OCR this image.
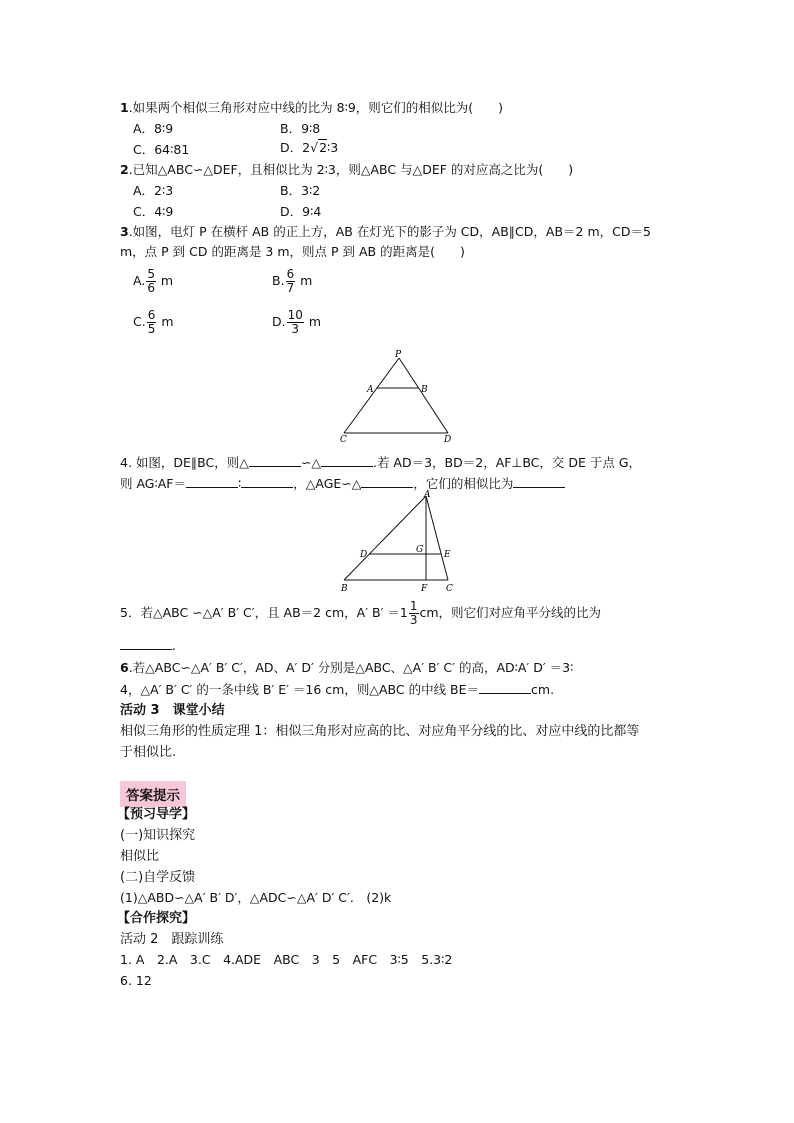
1.如果两个相似三角形对应中线的比为 8∶9，则它们的相似比为(　　)
A．8∶9	B．9∶8
C．64∶81	D．2√2∶3
2.已知△ABC∽△DEF，且相似比为 2∶3，则△ABC 与△DEF 的对应高之比为(　　)
A．2∶3	B．3∶2
C．4∶9	D．9∶4
3.如图，电灯 P 在横杆 AB 的正上方，AB 在灯光下的影子为 CD，AB∥CD，AB＝2 m，CD＝5
m，点 P 到 CD 的距离是 3 m，则点 P 到 AB 的距离是(　　)
A. $\frac{5}{6}$ m	B. $\frac{6}{7}$ m
C. $\frac{6}{5}$ m	D. $\frac{10}{3}$ m
P
A	B
C	D
4. 如图，DE∥BC，则△	∽△	.若 AD＝3，BD＝2，AF⊥BC，交 DE 于点 G，
则 AG∶AF＝	∶	，△AGE∽△	，它们的相似比为
A
D	G E
B	F C
5．若△ABC ∽△A′ B′ C′，且 AB＝2 cm，A′ $B' =1 \frac{1}{3}$ cm，则它们对应角平分线的比为
.
6.若△ABC∽△A′ B′ C′，AD、A′ D′ 分别是△ABC、△A′ B′ C′ 的高，AD∶A′ D′ ＝3∶
4，△A′ B′ C′ 的一条中线 B′ E′ ＝16 cm，则△ABC 的中线 BE＝	cm.
活动 3　课堂小结
相似三角形的性质定理 1：相似三角形对应高的比、对应角平分线的比、对应中线的比都等
于相似比.
答案提示
【预习导学】
(一)知识探究
相似比
(二)自学反馈
(1)△ABD∽△A′ B′ D′，△ADC∽△A′ D′ C′.　(2)k
【合作探究】
活动 2　跟踪训练
1. A　2.A　3.C　4.ADE　ABC　3　5　AFC　3∶5　5.3∶2
6. 12
